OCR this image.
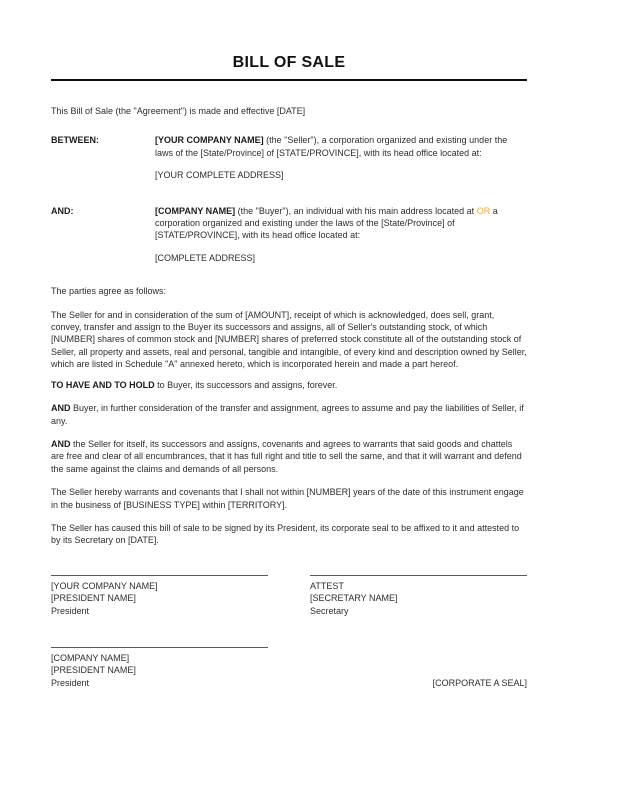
BILL OF SALE

This Bill of Sale (the "Agreement") is made and effective [DATE]

BETWEEN:	[YOUR COMPANY NAME] (the "Seller"), a corporation organized and existing under the laws of the [State/Province] of [STATE/PROVINCE], with its head office located at:

[YOUR COMPLETE ADDRESS]

AND:	[COMPANY NAME] (the "Buyer"), an individual with his main address located at OR a corporation organized and existing under the laws of the [State/Province] of [STATE/PROVINCE], with its head office located at:

[COMPLETE ADDRESS]

The parties agree as follows:

The Seller for and in consideration of the sum of [AMOUNT], receipt of which is acknowledged, does sell, grant, convey, transfer and assign to the Buyer its successors and assigns, all of Seller's outstanding stock, of which [NUMBER] shares of common stock and [NUMBER] shares of preferred stock constitute all of the outstanding stock of Seller, all property and assets, real and personal, tangible and intangible, of every kind and description owned by Seller, which are listed in Schedule "A" annexed hereto, which is incorporated herein and made a part hereof.

TO HAVE AND TO HOLD to Buyer, its successors and assigns, forever.

AND Buyer, in further consideration of the transfer and assignment, agrees to assume and pay the liabilities of Seller, if any.

AND the Seller for itself, its successors and assigns, covenants and agrees to warrants that said goods and chattels are free and clear of all encumbrances, that it has full right and title to sell the same, and that it will warrant and defend the same against the claims and demands of all persons.

The Seller hereby warrants and covenants that I shall not within [NUMBER] years of the date of this instrument engage in the business of [BUSINESS TYPE] within [TERRITORY].

The Seller has caused this bill of sale to be signed by its President, its corporate seal to be affixed to it and attested to by its Secretary on [DATE].

[YOUR COMPANY NAME]
[PRESIDENT NAME]
President
ATTEST
[SECRETARY NAME]
Secretary
[COMPANY NAME]
[PRESIDENT NAME]
President	[CORPORATE A SEAL]
